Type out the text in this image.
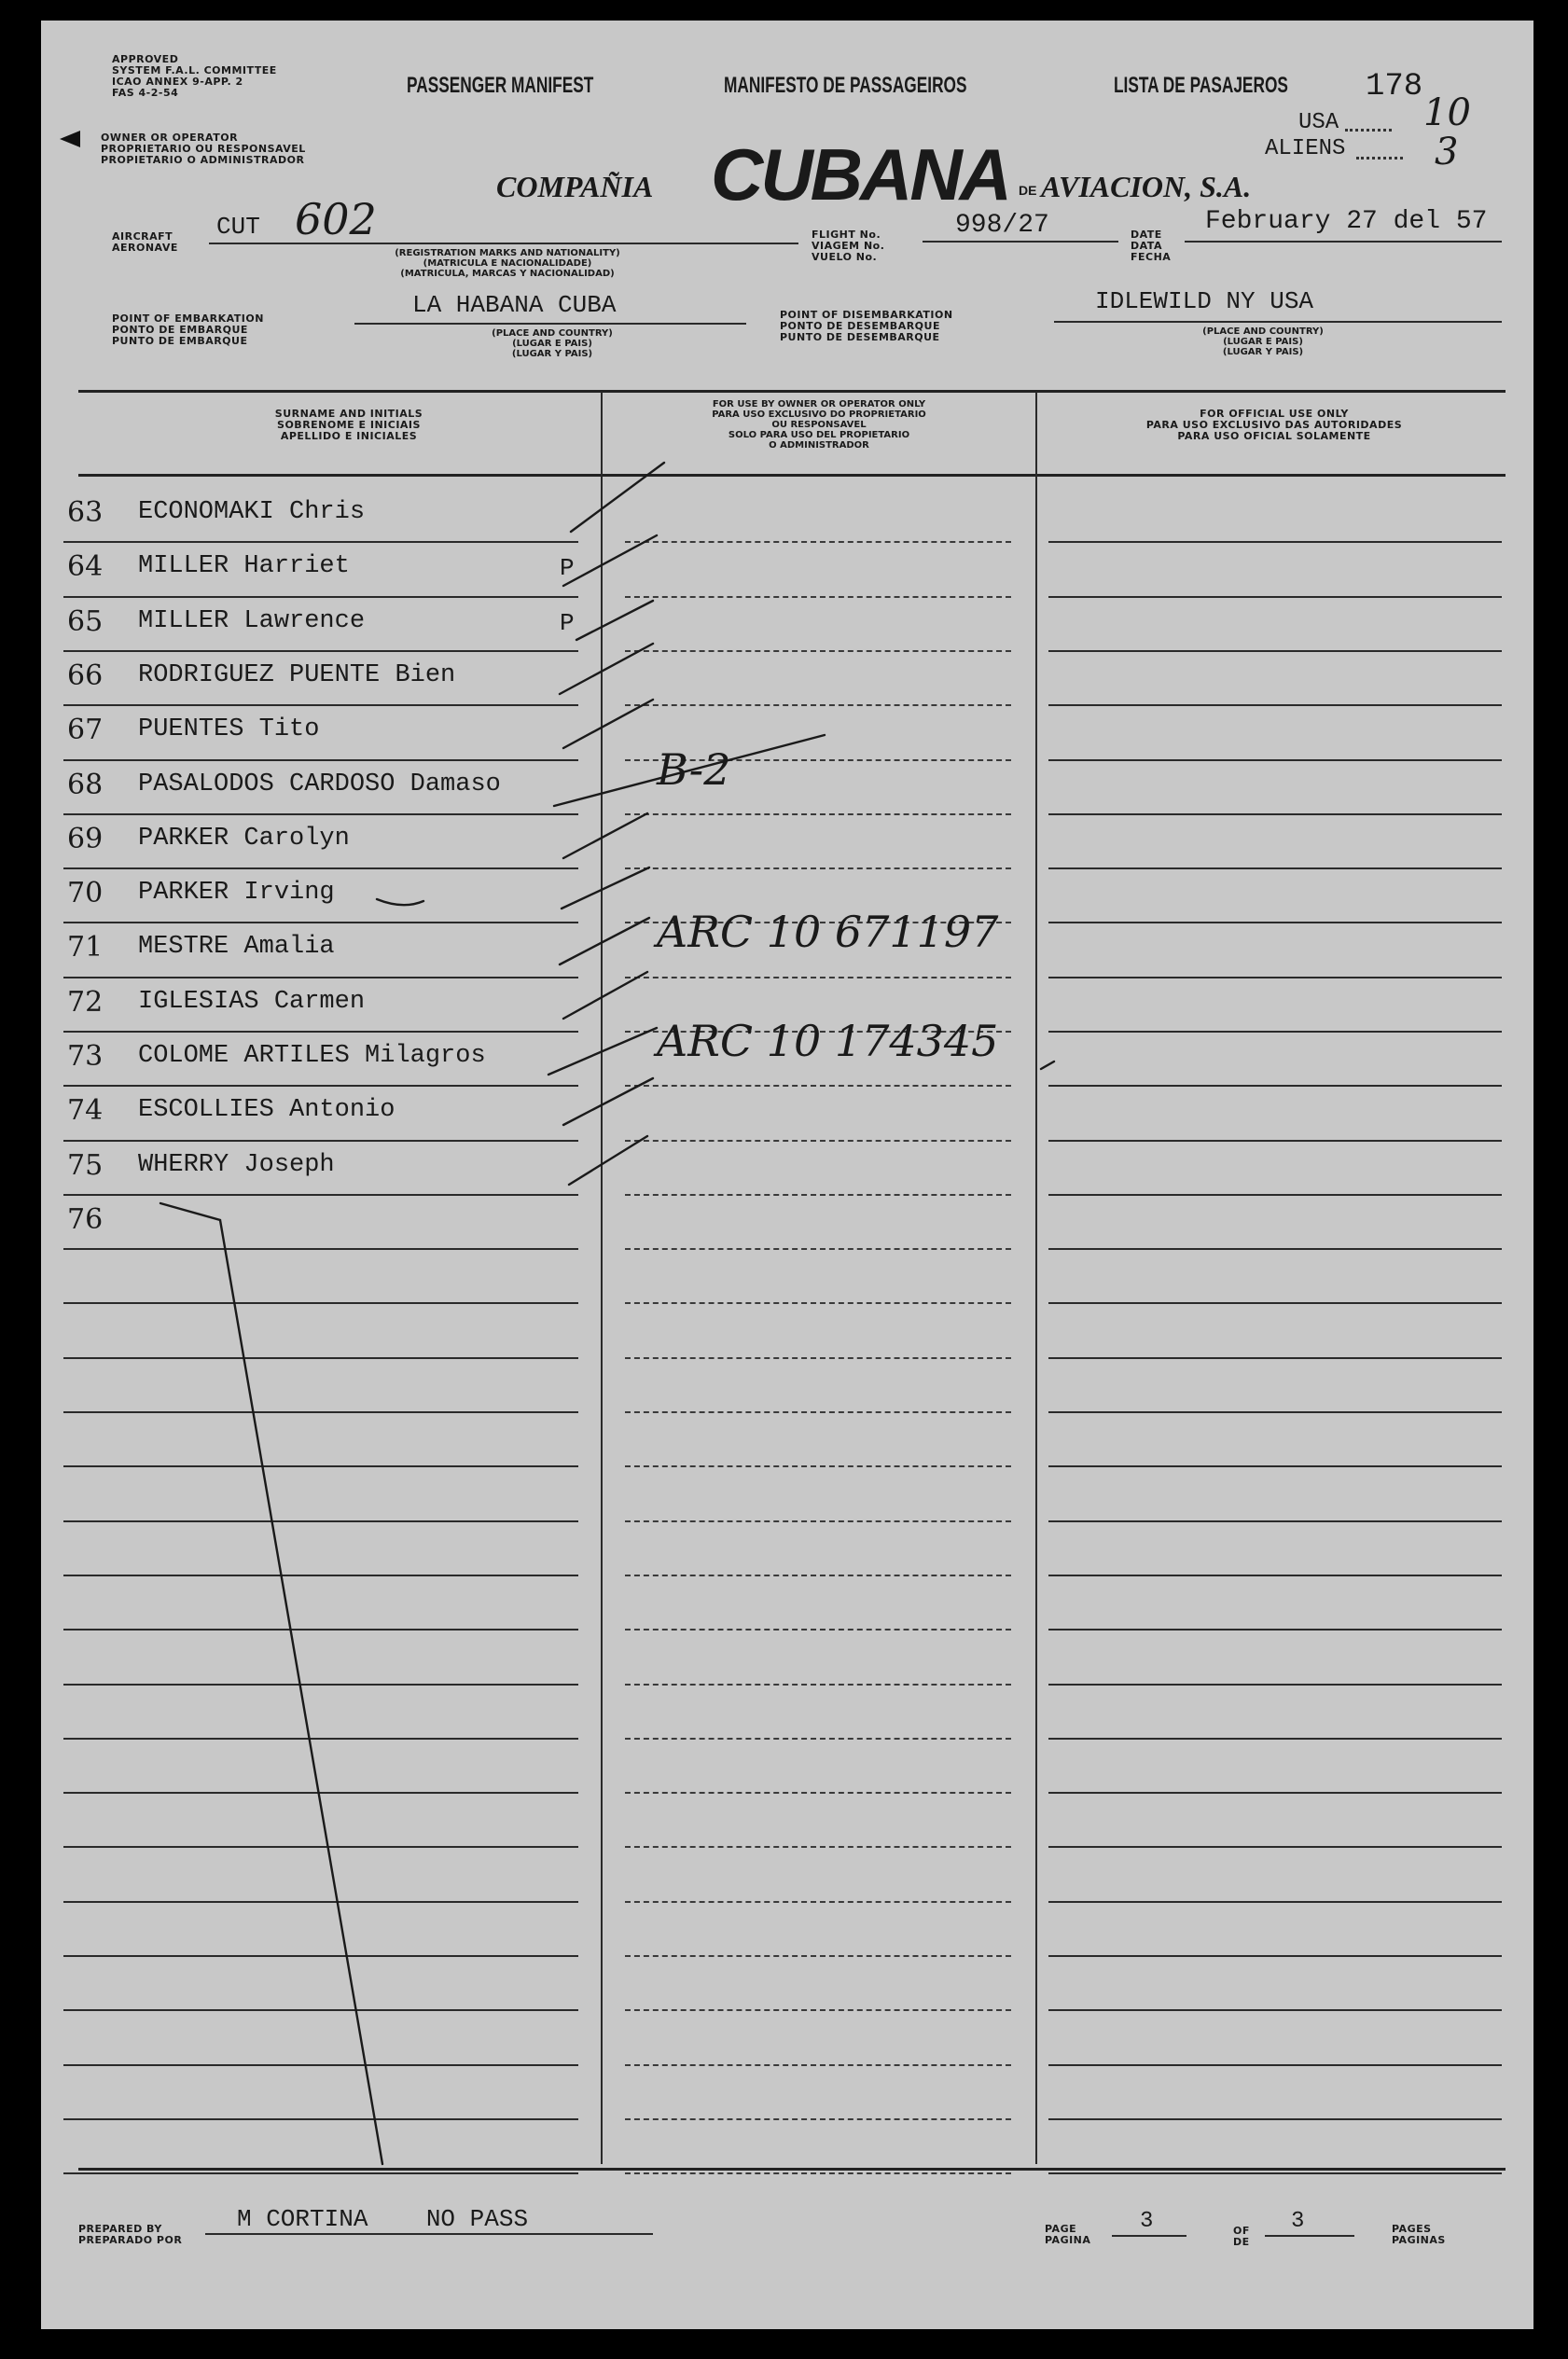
APPROVED
SYSTEM F.A.L. COMMITTEE
ICAO ANNEX 9-APP. 2
FAS 4-2-54
OWNER OR OPERATOR
PROPRIETARIO OU RESPONSAVEL
PROPIETARIO O ADMINISTRADOR
PASSENGER MANIFEST	MANIFESTO DE PASSAGEIROS	LISTA DE PASAJEROS 178
USA 10
ALIENS 3
COMPAÑIA CUBANA DE AVIACION, S.A.
AIRCRAFT
AERONAVE
CUT 602
(REGISTRATION MARKS AND NATIONALITY)
(MATRICULA E NACIONALIDADE)
(MATRICULA, MARCAS Y NACIONALIDAD)
FLIGHT No.
VIAGEM No.
VUELO No.
998/27	DATE
DATA
FECHA
February 27 del 57
POINT OF EMBARKATION
PONTO DE EMBARQUE
PUNTO DE EMBARQUE
LA HABANA CUBA
(PLACE AND COUNTRY)
(LUGAR E PAIS)
(LUGAR Y PAIS)
POINT OF DISEMBARKATION
PONTO DE DESEMBARQUE
PUNTO DE DESEMBARQUE
IDLEWILD NY USA
(PLACE AND COUNTRY)
(LUGAR E PAIS)
(LUGAR Y PAIS)
SURNAME AND INITIALS
SOBRENOME E INICIAIS
APELLIDO E INICIALES
FOR USE BY OWNER OR OPERATOR ONLY
PARA USO EXCLUSIVO DO PROPRIETARIO
OU RESPONSAVEL
SOLO PARA USO DEL PROPIETARIO
O ADMINISTRADOR
FOR OFFICIAL USE ONLY
PARA USO EXCLUSIVO DAS AUTORIDADES
PARA USO OFICIAL SOLAMENTE
63 ECONOMAKI Chris
64 MILLER Harriet	P
65 MILLER Lawrence	P
66 RODRIGUEZ PUENTE Bien
67 PUENTES Tito
68 PASALODOS CARDOSO Damaso	B-2
69 PARKER Carolyn
70 PARKER Irving
71 MESTRE Amalia	ARC 10 671197
72 IGLESIAS Carmen
73 COLOME ARTILES Milagros	ARC 10 174345
74 ESCOLLIES Antonio
75 WHERRY Joseph
76
PREPARED BY
PREPARADO POR
M CORTINA    NO PASS	PAGE
PAGINA
3	OF
DE
3	PAGES
PAGINAS
